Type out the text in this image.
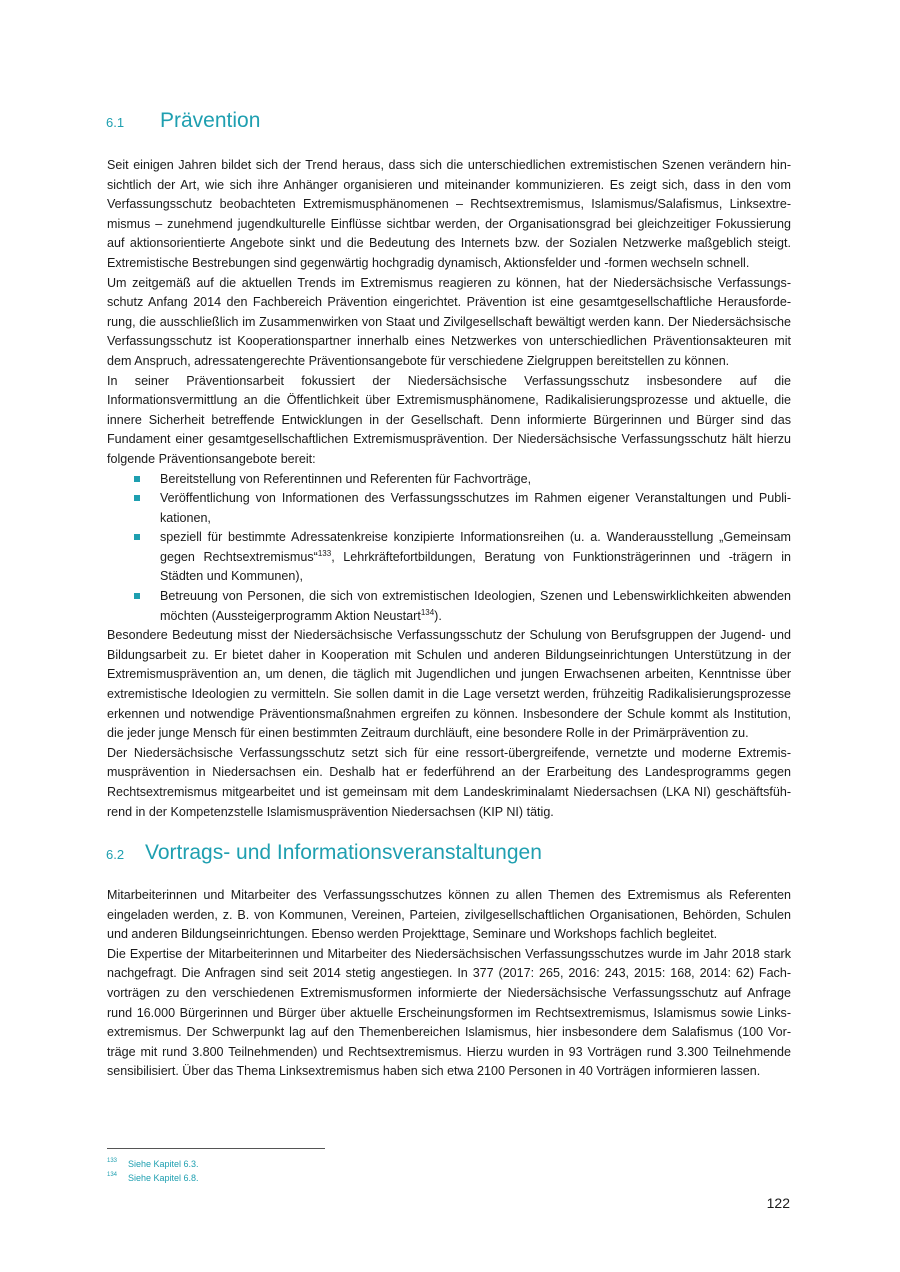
6.1 Prävention

Seit einigen Jahren bildet sich der Trend heraus, dass sich die unterschiedlichen extremistischen Szenen verändern hinsichtlich der Art, wie sich ihre Anhänger organisieren und miteinander kommunizieren. Es zeigt sich, dass in den vom Verfassungsschutz beobachteten Extremismusphänomenen – Rechtsextremismus, Islamismus/Salafismus, Linksextremismus – zunehmend jugendkulturelle Einflüsse sichtbar werden, der Organisationsgrad bei gleichzeitiger Fokussierung auf aktionsorientierte Angebote sinkt und die Bedeutung des Internets bzw. der Sozialen Netzwerke maßgeblich steigt. Extremistische Bestrebungen sind gegenwärtig hochgradig dynamisch, Aktionsfelder und -formen wechseln schnell.

Um zeitgemäß auf die aktuellen Trends im Extremismus reagieren zu können, hat der Niedersächsische Verfassungsschutz Anfang 2014 den Fachbereich Prävention eingerichtet. Prävention ist eine gesamtgesellschaftliche Herausforderung, die ausschließlich im Zusammenwirken von Staat und Zivilgesellschaft bewältigt werden kann. Der Niedersächsische Verfassungsschutz ist Kooperationspartner innerhalb eines Netzwerkes von unterschiedlichen Präventionsakteuren mit dem Anspruch, adressatengerechte Präventionsangebote für verschiedene Zielgruppen bereitstellen zu können.

In seiner Präventionsarbeit fokussiert der Niedersächsische Verfassungsschutz insbesondere auf die Informationsvermittlung an die Öffentlichkeit über Extremismusphänomene, Radikalisierungsprozesse und aktuelle, die innere Sicherheit betreffende Entwicklungen in der Gesellschaft. Denn informierte Bürgerinnen und Bürger sind das Fundament einer gesamtgesellschaftlichen Extremismusprävention. Der Niedersächsische Verfassungsschutz hält hierzu folgende Präventionsangebote bereit:

Bereitstellung von Referentinnen und Referenten für Fachvorträge,
Veröffentlichung von Informationen des Verfassungsschutzes im Rahmen eigener Veranstaltungen und Publikationen,
speziell für bestimmte Adressatenkreise konzipierte Informationsreihen (u. a. Wanderausstellung „Gemeinsam gegen Rechtsextremismus“$^{133}$, Lehrkräftefortbildungen, Beratung von Funktionsträgerinnen und -trägern in Städten und Kommunen),
Betreuung von Personen, die sich von extremistischen Ideologien, Szenen und Lebenswirklichkeiten abwenden möchten (Aussteigerprogramm Aktion Neustart$^{134}$).

Besondere Bedeutung misst der Niedersächsische Verfassungsschutz der Schulung von Berufsgruppen der Jugend- und Bildungsarbeit zu. Er bietet daher in Kooperation mit Schulen und anderen Bildungseinrichtungen Unterstützung in der Extremismusprävention an, um denen, die täglich mit Jugendlichen und jungen Erwachsenen arbeiten, Kenntnisse über extremistische Ideologien zu vermitteln. Sie sollen damit in die Lage versetzt werden, frühzeitig Radikalisierungsprozesse erkennen und notwendige Präventionsmaßnahmen ergreifen zu können. Insbesondere der Schule kommt als Institution, die jeder junge Mensch für einen bestimmten Zeitraum durchläuft, eine besondere Rolle in der Primärprävention zu.

Der Niedersächsische Verfassungsschutz setzt sich für eine ressort-übergreifende, vernetzte und moderne Extremismusprävention in Niedersachsen ein. Deshalb hat er federführend an der Erarbeitung des Landesprogramms gegen Rechtsextremismus mitgearbeitet und ist gemeinsam mit dem Landeskriminalamt Niedersachsen (LKA NI) geschäftsführend in der Kompetenzstelle Islamismusprävention Niedersachsen (KIP NI) tätig.

6.2 Vortrags- und Informationsveranstaltungen

Mitarbeiterinnen und Mitarbeiter des Verfassungsschutzes können zu allen Themen des Extremismus als Referenten eingeladen werden, z. B. von Kommunen, Vereinen, Parteien, zivilgesellschaftlichen Organisationen, Behörden, Schulen und anderen Bildungseinrichtungen. Ebenso werden Projekttage, Seminare und Workshops fachlich begleitet.

Die Expertise der Mitarbeiterinnen und Mitarbeiter des Niedersächsischen Verfassungsschutzes wurde im Jahr 2018 stark nachgefragt. Die Anfragen sind seit 2014 stetig angestiegen. In 377 (2017: 265, 2016: 243, 2015: 168, 2014: 62) Fachvorträgen zu den verschiedenen Extremismusformen informierte der Niedersächsische Verfassungsschutz auf Anfrage rund 16.000 Bürgerinnen und Bürger über aktuelle Erscheinungsformen im Rechtsextremismus, Islamismus sowie Linksextremismus. Der Schwerpunkt lag auf den Themenbereichen Islamismus, hier insbesondere dem Salafismus (100 Vorträge mit rund 3.800 Teilnehmenden) und Rechtsextremismus. Hierzu wurden in 93 Vorträgen rund 3.300 Teilnehmende sensibilisiert. Über das Thema Linksextremismus haben sich etwa 2100 Personen in 40 Vorträgen informieren lassen.

133 Siehe Kapitel 6.3.
134 Siehe Kapitel 6.8.
122
